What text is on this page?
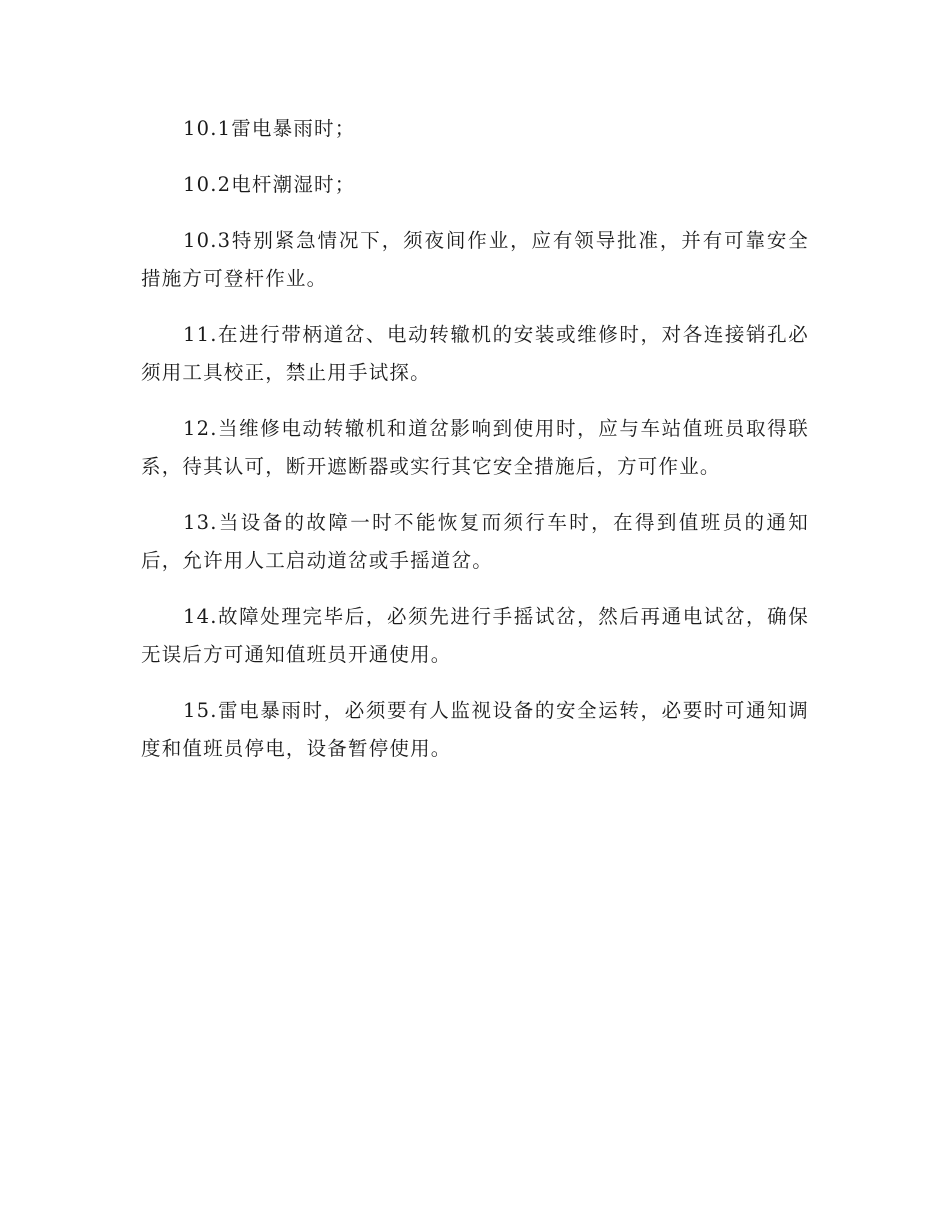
10.1雷电暴雨时；

10.2电杆潮湿时；

10.3特别紧急情况下，须夜间作业，应有领导批准，并有可靠安全措施方可登杆作业。

11.在进行带柄道岔、电动转辙机的安装或维修时，对各连接销孔必须用工具校正，禁止用手试探。

12.当维修电动转辙机和道岔影响到使用时，应与车站值班员取得联系，待其认可，断开遮断器或实行其它安全措施后，方可作业。

13.当设备的故障一时不能恢复而须行车时，在得到值班员的通知后，允许用人工启动道岔或手摇道岔。

14.故障处理完毕后，必须先进行手摇试岔，然后再通电试岔，确保无误后方可通知值班员开通使用。

15.雷电暴雨时，必须要有人监视设备的安全运转，必要时可通知调度和值班员停电，设备暂停使用。
